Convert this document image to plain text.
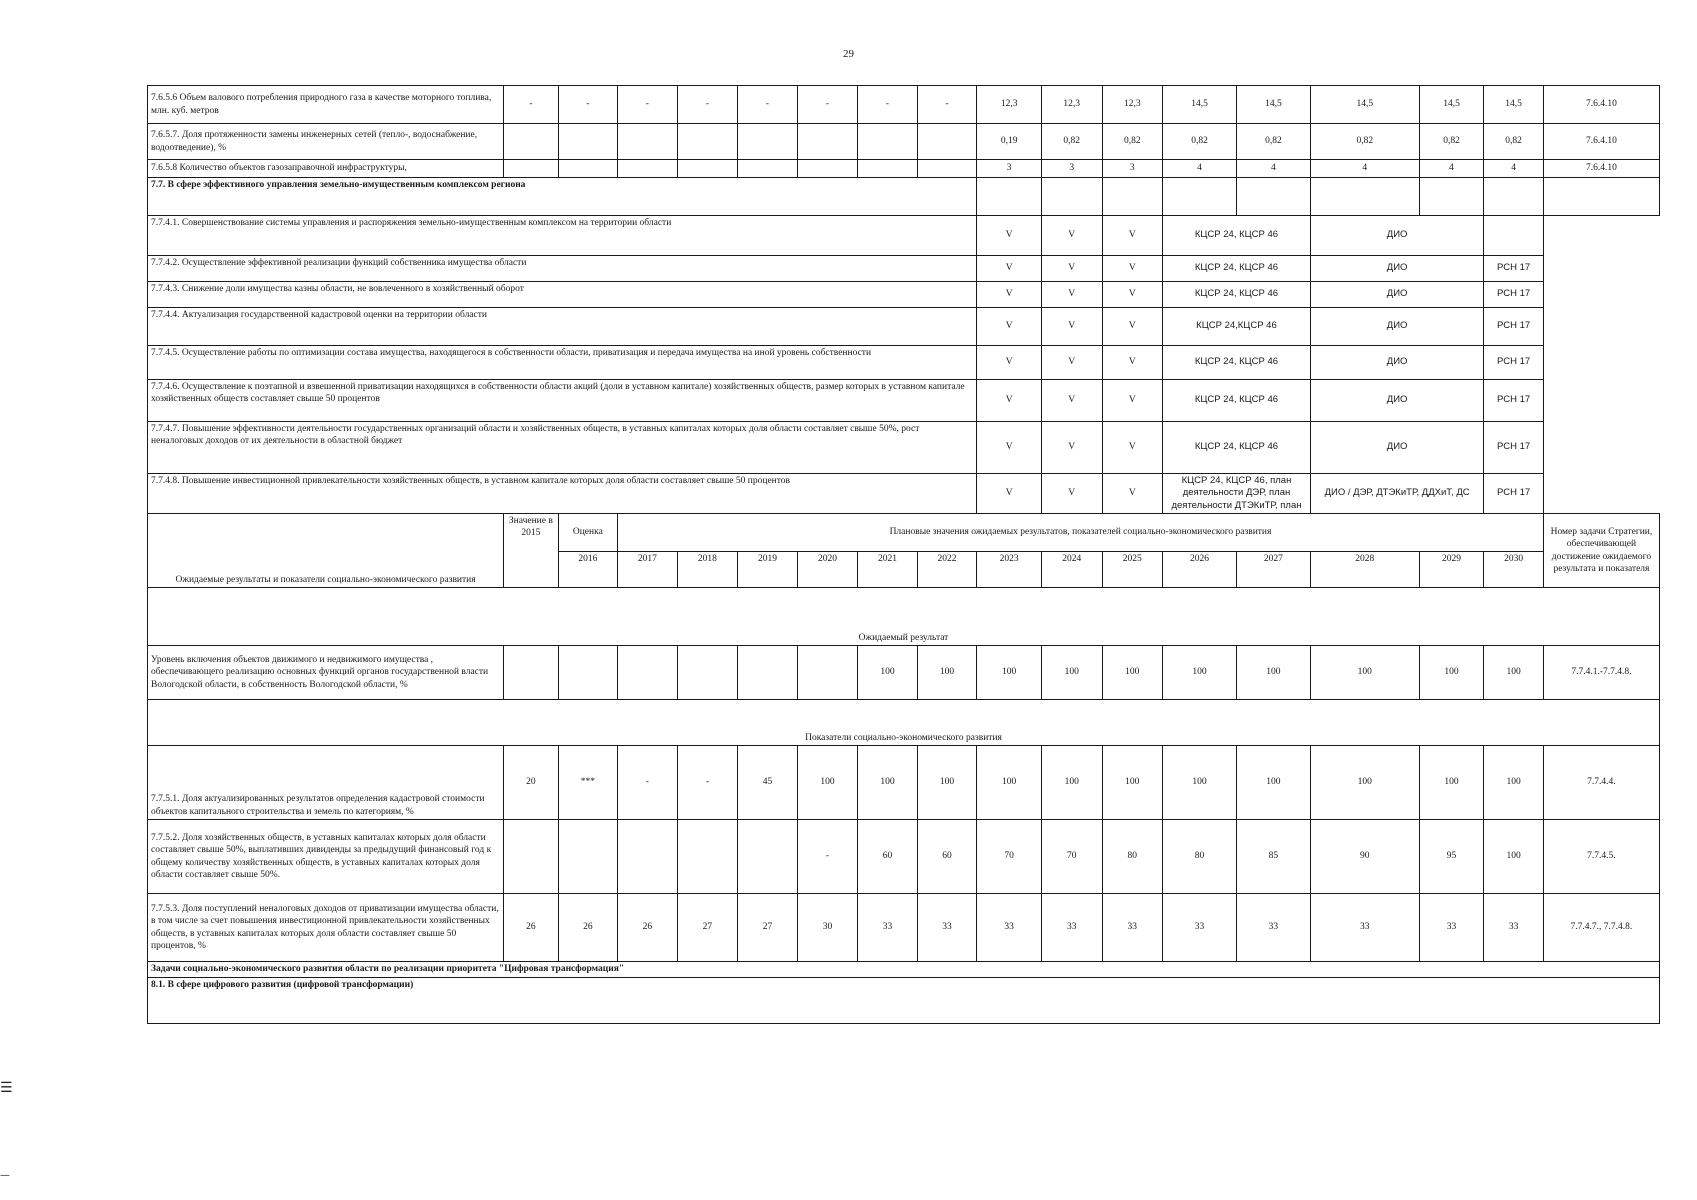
29
7.6.5.6 Объем валового потребления природного газа в качестве моторного топлива, млн. куб. метров	-	-	-	-	-	-	-	-	12,3	12,3	12,3	14,5	14,5	14,5	14,5	14,5	7.6.4.10
7.6.5.7. Доля протяженности замены инженерных сетей (тепло-, водоснабжение, водоотведение), %									0,19	0,82	0,82	0,82	0,82	0,82	0,82	0,82	7.6.4.10
7.6.5.8 Количество объектов газозаправочной инфраструктуры,									3	3	3	4	4	4	4	4	7.6.4.10
7.7. В сфере эффективного управления земельно-имущественным комплексом региона																	
7.7.4.1. Совершенствование системы управления и распоряжения земельно-имущественным комплексом на территории области									V	V	V	КЦСР 24, КЦСР 46		ДИО			
7.7.4.2. Осуществление эффективной реализации функций собственника имущества области									V	V	V	КЦСР 24, КЦСР 46		ДИО		РСН 17	
7.7.4.3. Снижение доли имущества казны области, не вовлеченного в хозяйственный оборот									V	V	V	КЦСР 24, КЦСР 46		ДИО		РСН 17	
7.7.4.4. Актуализация государственной кадастровой оценки на территории области									V	V	V	КЦСР 24,КЦСР 46		ДИО		РСН 17	
7.7.4.5. Осуществление работы по оптимизации состава имущества, находящегося в собственности области, приватизация и передача имущества на иной уровень собственности									V	V	V	КЦСР 24, КЦСР 46		ДИО		РСН 17	
7.7.4.6. Осуществление к поэтапной и взвешенной приватизации находящихся в собственности области акций (доли в уставном капитале) хозяйственных обществ, размер которых в уставном капитале хозяйственных обществ составляет свыше 50 процентов									V	V	V	КЦСР 24, КЦСР 46		ДИО		РСН 17	
7.7.4.7. Повышение эффективности деятельности государственных организаций области и хозяйственных обществ, в уставных капиталах которых доля области составляет свыше 50%, рост неналоговых доходов от их деятельности в областной бюджет									V	V	V	КЦСР 24, КЦСР 46		ДИО		РСН 17	
7.7.4.8. Повышение инвестиционной привлекательности хозяйственных обществ, в уставном капитале которых доля области составляет свыше 50 процентов									V	V	V	КЦСР 24, КЦСР 46, план деятельности ДЭР, план деятельности ДТЭКиТР, план		ДИО / ДЭР, ДТЭКиТР, ДДХиТ, ДС		РСН 17	
Ожидаемые результаты и показатели социально-экономического развития	Значение в 2015	Оценка	Плановые значения ожидаемых результатов, показателей социально-экономического развития														Номер задачи Стратегии, обеспечивающей достижение ожидаемого результата и показателя
		2016	2017	2018	2019	2020	2021	2022	2023	2024	2025	2026	2027	2028	2029	2030	
Ожидаемый результат																	
Уровень включения объектов движимого и недвижимого имущества , обеспечивающего реализацию основных функций органов государственной власти Вологодской области, в собственность Вологодской области, %							100	100	100	100	100	100	100	100	100	100	7.7.4.1.-7.7.4.8.
Показатели социально-экономического развития																	
7.7.5.1. Доля актуализированных результатов определения кадастровой стоимости объектов капитального строительства и земель по категориям, %	20	***	-	-	45	100	100	100	100	100	100	100	100	100	100	100	7.7.4.4.
7.7.5.2. Доля хозяйственных обществ, в уставных капиталах которых доля области составляет свыше 50%, выплативших дивиденды за предыдущий финансовый год к общему количеству хозяйственных обществ, в уставных капиталах которых доля области составляет свыше 50%.						-	60	60	70	70	80	80	85	90	95	100	7.7.4.5.
7.7.5.3. Доля поступлений неналоговых доходов от приватизации имущества области, в том числе за счет повышения инвестиционной привлекательности хозяйственных обществ, в уставных капиталах которых доля области составляет свыше 50 процентов, %	26	26	26	27	27	30	33	33	33	33	33	33	33	33	33	33	7.7.4.7., 7.7.4.8.
Задачи социально-экономического развития области по реализации приоритета "Цифровая трансформация"																	
8.1. В сфере цифрового развития (цифровой трансформации)																	
☰
—
